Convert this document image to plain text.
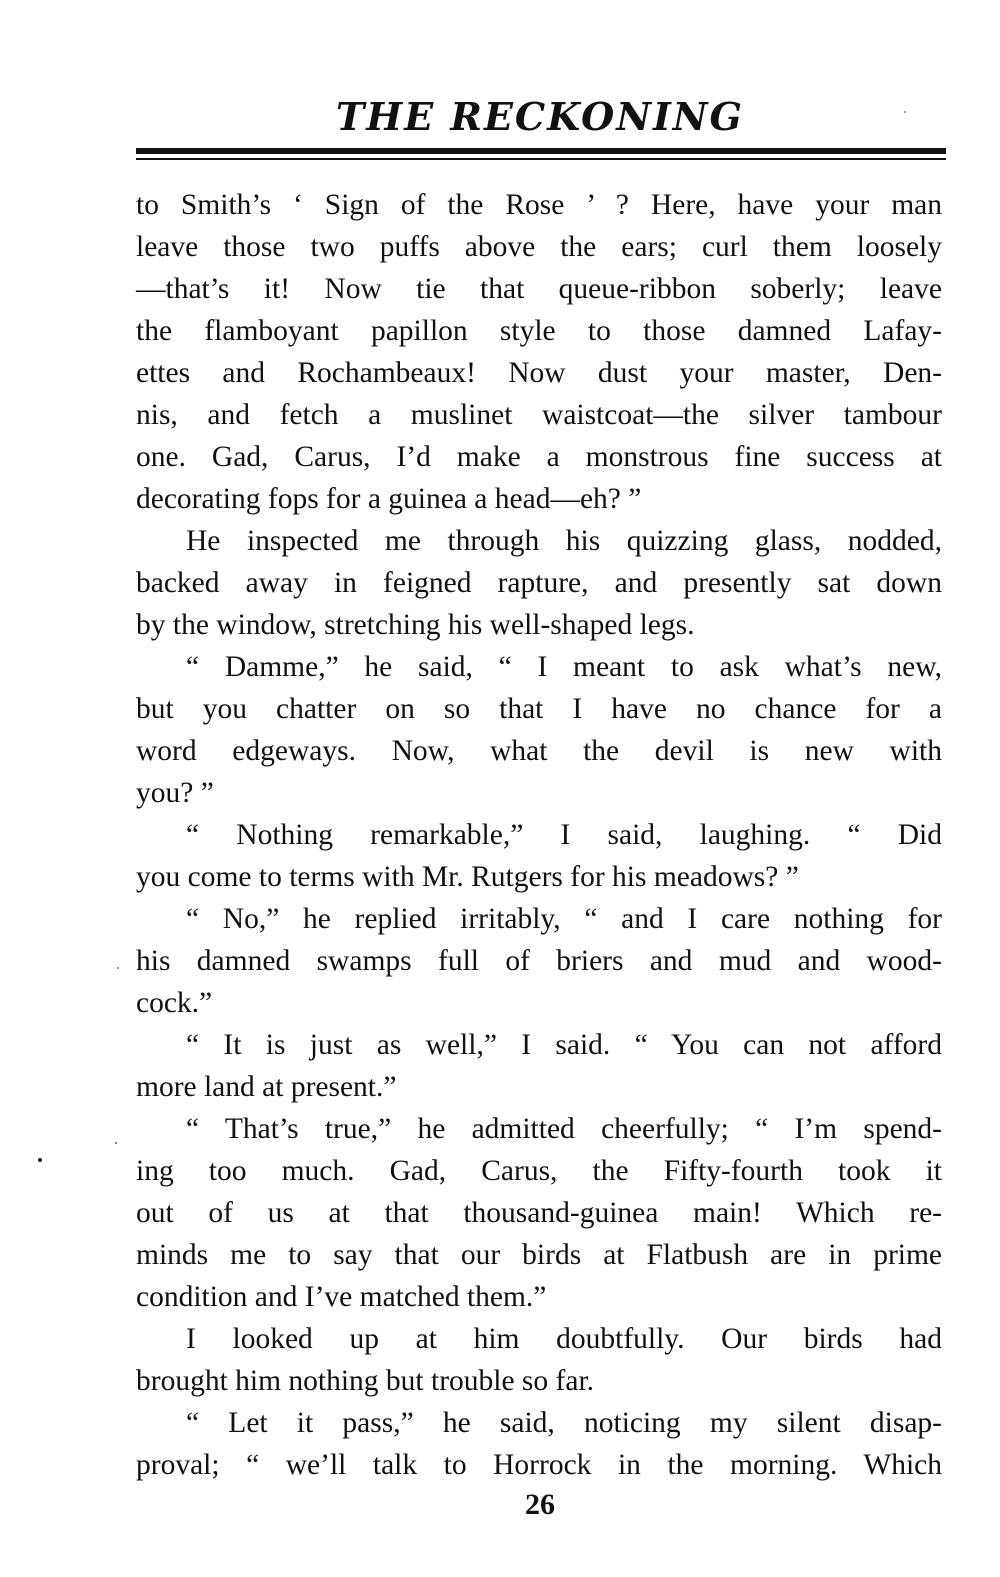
THE RECKONING
to Smith’s ‘ Sign of the Rose ’ ? Here, have your man
leave those two puffs above the ears; curl them loosely
—that’s it! Now tie that queue-ribbon soberly; leave
the flamboyant papillon style to those damned Lafay-
ettes and Rochambeaux! Now dust your master, Den-
nis, and fetch a muslinet waistcoat—the silver tambour
one. Gad, Carus, I’d make a monstrous fine success at
decorating fops for a guinea a head—eh? ”
He inspected me through his quizzing glass, nodded,
backed away in feigned rapture, and presently sat down
by the window, stretching his well-shaped legs.
“ Damme,” he said, “ I meant to ask what’s new,
but you chatter on so that I have no chance for a
word edgeways. Now, what the devil is new with
you? ”
“ Nothing remarkable,” I said, laughing. “ Did
you come to terms with Mr. Rutgers for his meadows? ”
“ No,” he replied irritably, “ and I care nothing for
his damned swamps full of briers and mud and wood-
cock.”
“ It is just as well,” I said. “ You can not afford
more land at present.”
“ That’s true,” he admitted cheerfully; “ I’m spend-
ing too much. Gad, Carus, the Fifty-fourth took it
out of us at that thousand-guinea main! Which re-
minds me to say that our birds at Flatbush are in prime
condition and I’ve matched them.”
I looked up at him doubtfully. Our birds had
brought him nothing but trouble so far.
“ Let it pass,” he said, noticing my silent disap-
proval; “ we’ll talk to Horrock in the morning. Which
26
